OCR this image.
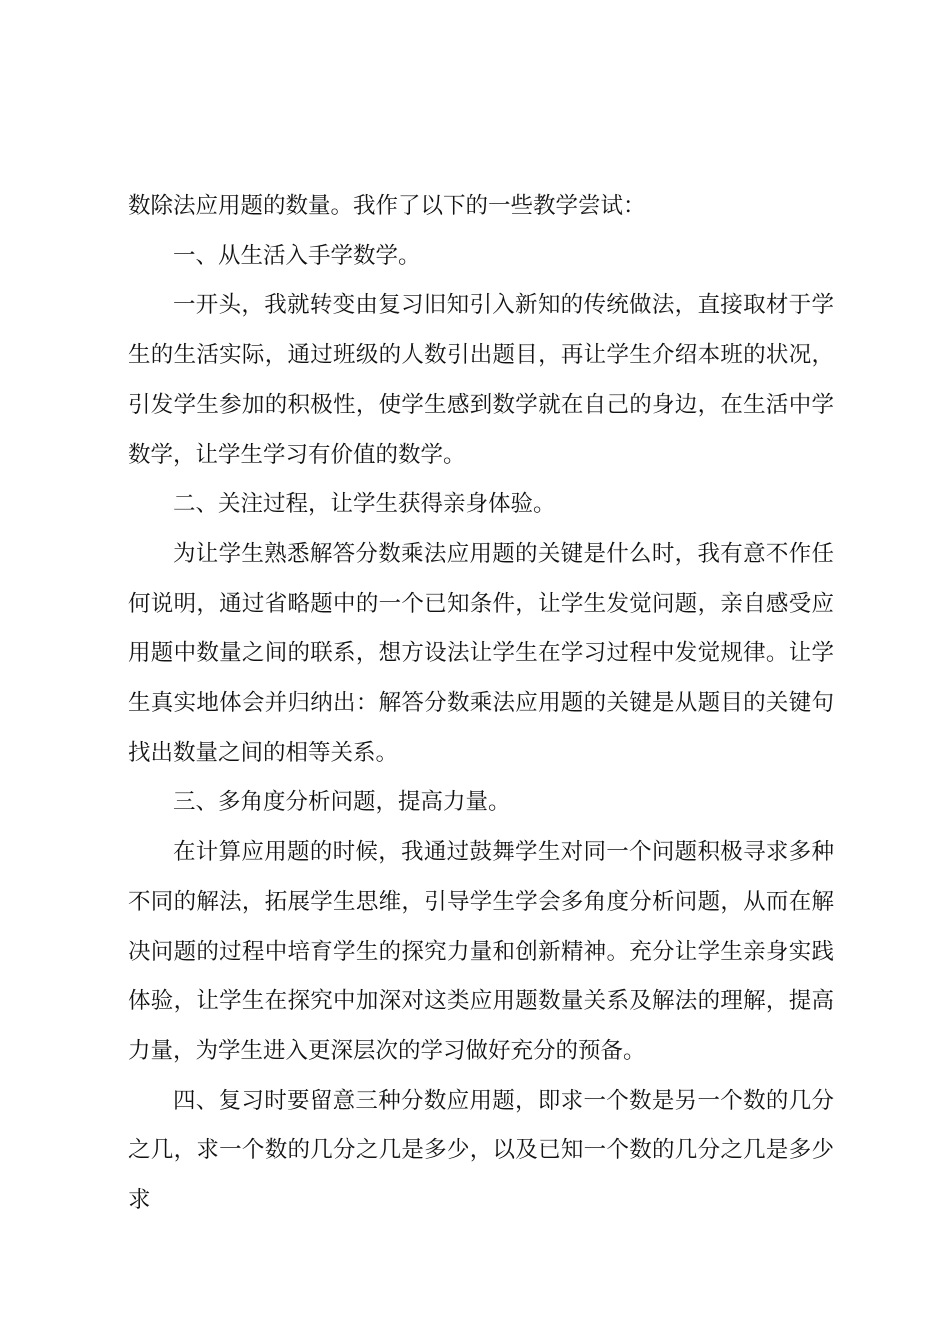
数除法应用题的数量。我作了以下的一些教学尝试：

一、从生活入手学数学。

一开头，我就转变由复习旧知引入新知的传统做法，直接取材于学生的生活实际，通过班级的人数引出题目，再让学生介绍本班的状况，引发学生参加的积极性，使学生感到数学就在自己的身边，在生活中学数学，让学生学习有价值的数学。

二、关注过程，让学生获得亲身体验。

为让学生熟悉解答分数乘法应用题的关键是什么时，我有意不作任何说明，通过省略题中的一个已知条件，让学生发觉问题，亲自感受应用题中数量之间的联系，想方设法让学生在学习过程中发觉规律。让学生真实地体会并归纳出：解答分数乘法应用题的关键是从题目的关键句找出数量之间的相等关系。

三、多角度分析问题，提高力量。

在计算应用题的时候，我通过鼓舞学生对同一个问题积极寻求多种不同的解法，拓展学生思维，引导学生学会多角度分析问题，从而在解决问题的过程中培育学生的探究力量和创新精神。充分让学生亲身实践体验，让学生在探究中加深对这类应用题数量关系及解法的理解，提高力量，为学生进入更深层次的学习做好充分的预备。

四、复习时要留意三种分数应用题，即求一个数是另一个数的几分之几，求一个数的几分之几是多少，以及已知一个数的几分之几是多少求
